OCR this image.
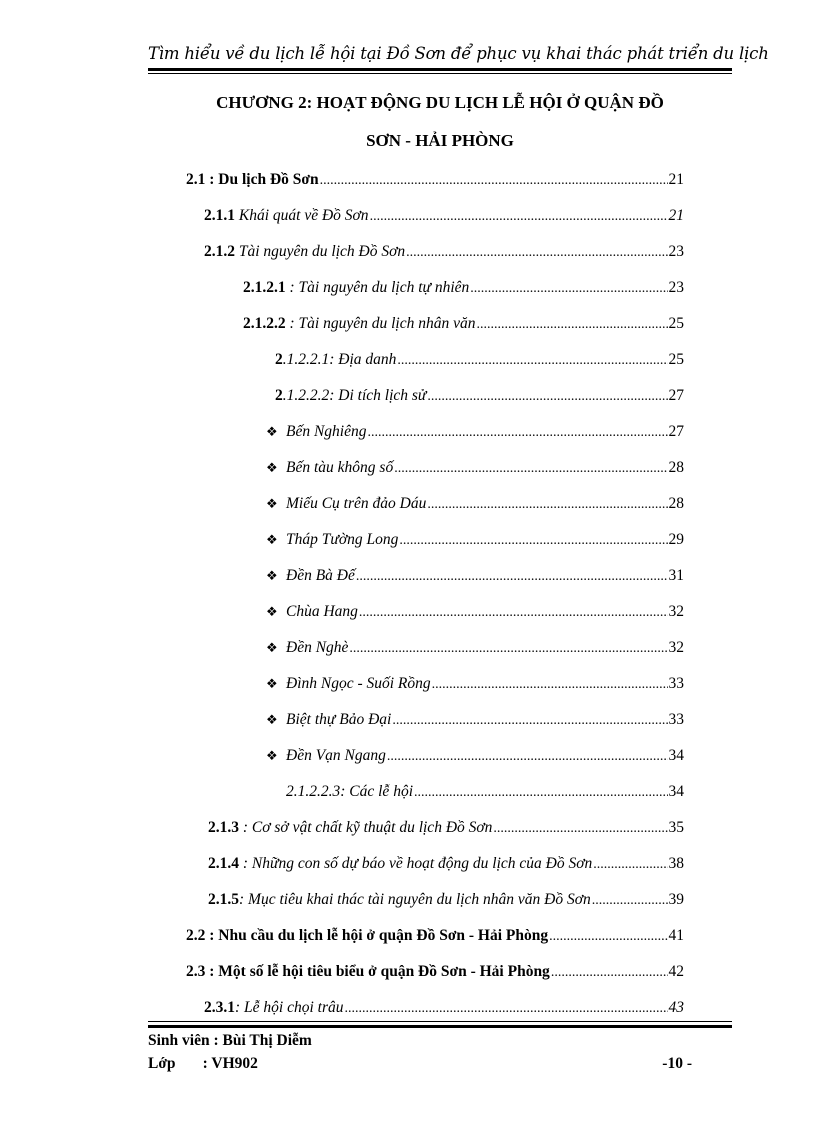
Tìm hiểu về du lịch lễ hội tại Đồ Sơn để phục vụ khai thác phát triển du lịch
CHƯƠNG 2: HOẠT ĐỘNG DU LỊCH LỄ HỘI Ở QUẬN ĐỒ
SƠN - HẢI PHÒNG
2.1 : Du lịch Đồ Sơn .....	21
2.1.1 Khái quát về Đồ Sơn .....	21
2.1.2 Tài nguyên du lịch Đồ Sơn .....	23
2.1.2.1 : Tài nguyên du lịch tự nhiên .....	23
2.1.2.2 : Tài nguyên du lịch nhân văn .....	25
2.1.2.2.1: Địa danh .....	25
2.1.2.2.2: Di tích lịch sử .....	27
❖ Bến Nghiêng .....	27
❖ Bến tàu không số .....	28
❖ Miếu Cụ trên đảo Dáu .....	28
❖ Tháp Tường Long .....	29
❖ Đền Bà Đế .....	31
❖ Chùa Hang .....	32
❖ Đền Nghè .....	32
❖ Đình Ngọc - Suối Rồng .....	33
❖ Biệt thự Bảo Đại .....	33
❖ Đền Vạn Ngang .....	34
2.1.2.2.3: Các lễ hội .....	34
2.1.3 : Cơ sở vật chất kỹ thuật du lịch Đồ Sơn .....	35
2.1.4 : Những con số dự báo về hoạt động du lịch của Đồ Sơn .....	38
2.1.5: Mục tiêu khai thác tài nguyên du lịch nhân văn Đồ Sơn .....	39
2.2 : Nhu cầu du lịch lễ hội ở quận Đồ Sơn - Hải Phòng .....	41
2.3 : Một số lễ hội tiêu biểu ở quận Đồ Sơn - Hải Phòng .....	42
2.3.1: Lễ hội chọi trâu .....	43
Sinh viên : Bùi Thị Diễm
Lớp       : VH902	-10 -
